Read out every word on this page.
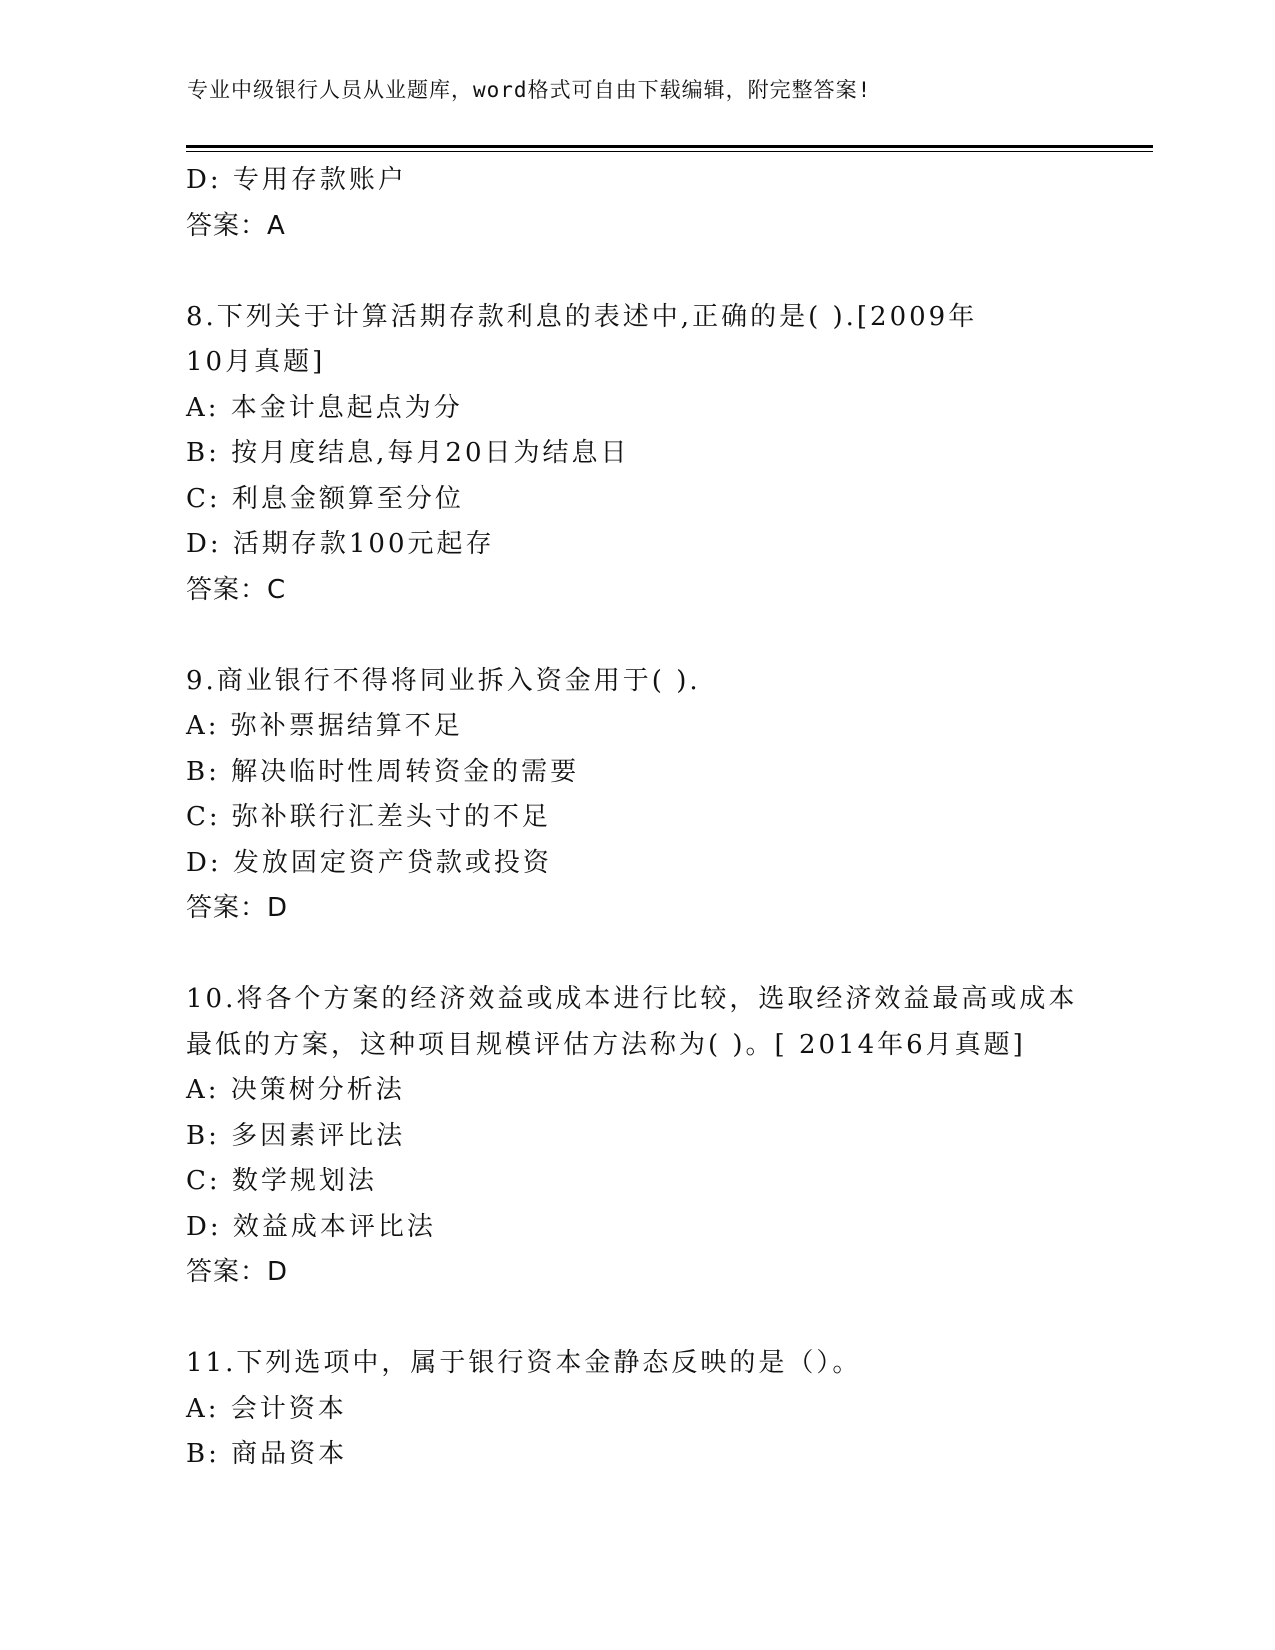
专业中级银行人员从业题库，word格式可自由下载编辑，附完整答案!
D: 专用存款账户
答案：A
8.下列关于计算活期存款利息的表述中,正确的是( ).[2009年
10月真题]
A: 本金计息起点为分
B: 按月度结息,每月20日为结息日
C: 利息金额算至分位
D: 活期存款100元起存
答案：C
9.商业银行不得将同业拆入资金用于( ).
A: 弥补票据结算不足
B: 解决临时性周转资金的需要
C: 弥补联行汇差头寸的不足
D: 发放固定资产贷款或投资
答案：D
10.将各个方案的经济效益或成本进行比较，选取经济效益最高或成本
最低的方案，这种项目规模评估方法称为( )。[ 2014年6月真题]
A: 决策树分析法
B: 多因素评比法
C: 数学规划法
D: 效益成本评比法
答案：D
11.下列选项中，属于银行资本金静态反映的是（）。
A: 会计资本
B: 商品资本
